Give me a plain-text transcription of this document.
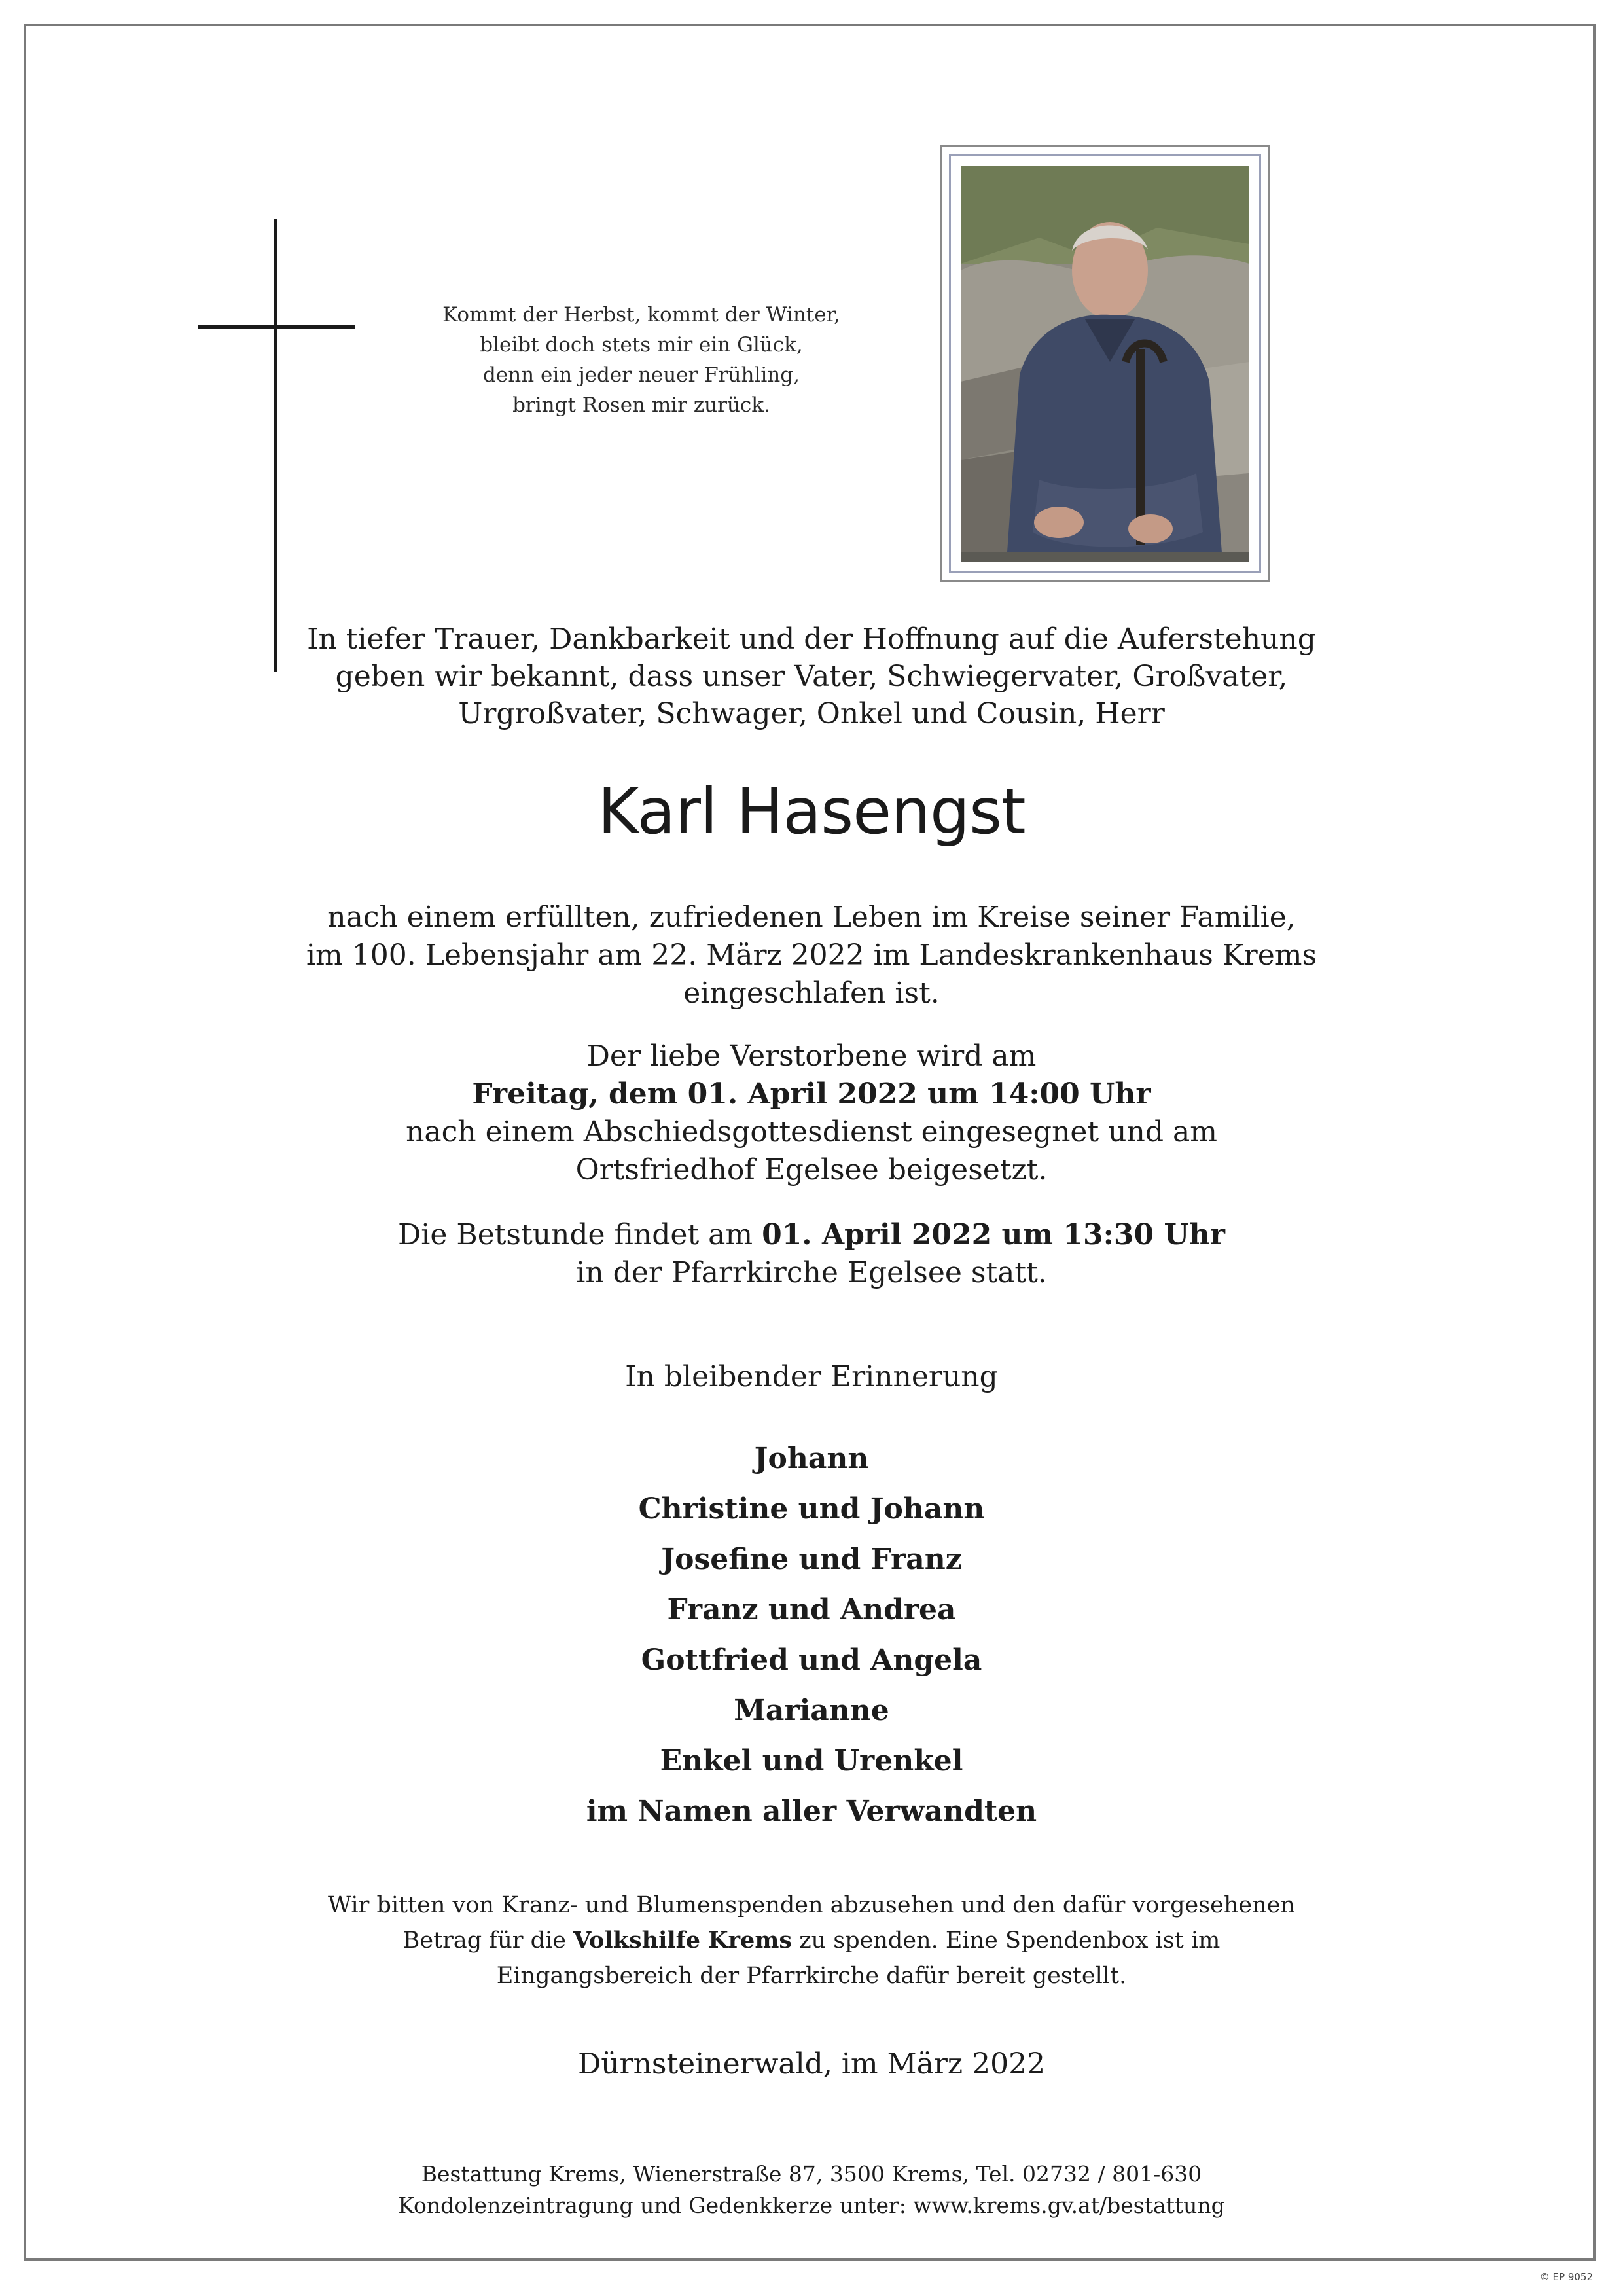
Kommt der Herbst, kommt der Winter,
bleibt doch stets mir ein Glück,
denn ein jeder neuer Frühling,
bringt Rosen mir zurück.
In tiefer Trauer, Dankbarkeit und der Hoffnung auf die Auferstehung
geben wir bekannt, dass unser Vater, Schwiegervater, Großvater,
Urgroßvater, Schwager, Onkel und Cousin, Herr
Karl Hasengst
nach einem erfüllten, zufriedenen Leben im Kreise seiner Familie,
im 100. Lebensjahr am 22. März 2022 im Landeskrankenhaus Krems
eingeschlafen ist.
Der liebe Verstorbene wird am
Freitag, dem 01. April 2022 um 14:00 Uhr
nach einem Abschiedsgottesdienst eingesegnet und am
Ortsfriedhof Egelsee beigesetzt.
Die Betstunde findet am 01. April 2022 um 13:30 Uhr
in der Pfarrkirche Egelsee statt.
In bleibender Erinnerung
Johann
Christine und Johann
Josefine und Franz
Franz und Andrea
Gottfried und Angela
Marianne
Enkel und Urenkel
im Namen aller Verwandten
Wir bitten von Kranz- und Blumenspenden abzusehen und den dafür vorgesehenen
Betrag für die Volkshilfe Krems zu spenden. Eine Spendenbox ist im
Eingangsbereich der Pfarrkirche dafür bereit gestellt.
Dürnsteinerwald, im März 2022
Bestattung Krems, Wienerstraße 87, 3500 Krems, Tel. 02732 / 801-630
Kondolenzeintragung und Gedenkkerze unter: www.krems.gv.at/bestattung
© EP 9052
